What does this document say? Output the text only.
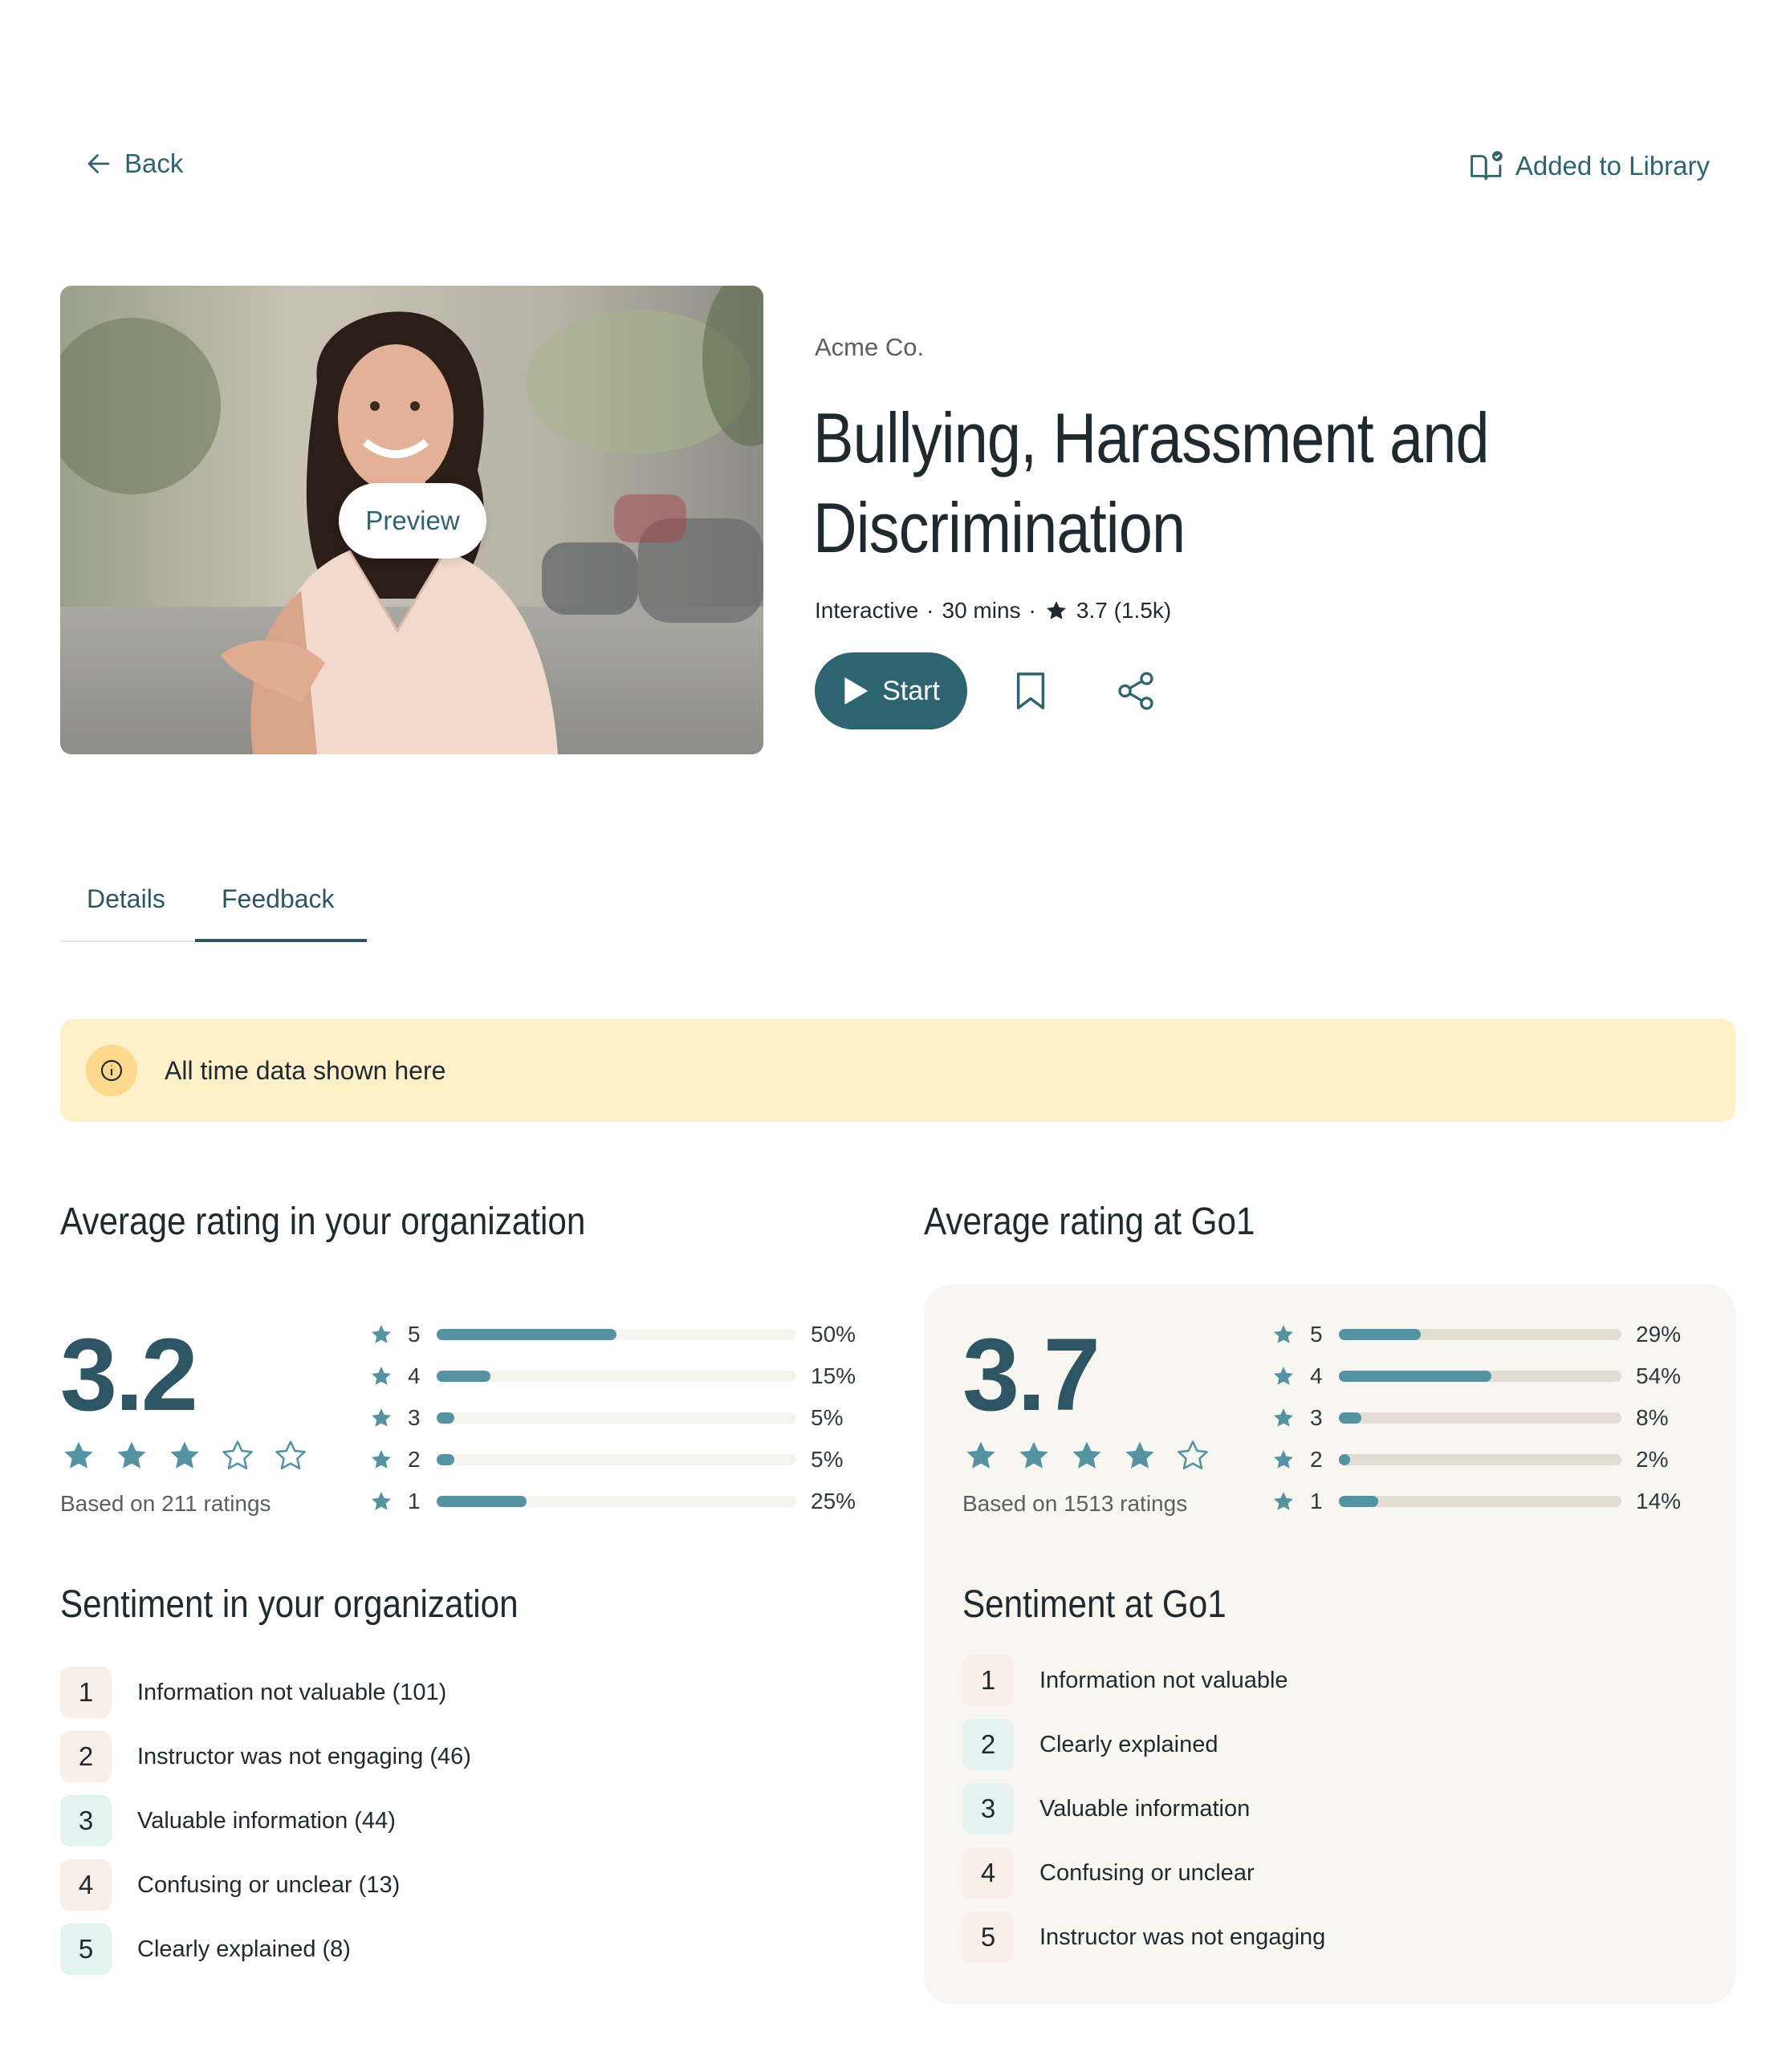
Back	Added to Library
Preview
Acme Co.
Bullying, Harassment and Discrimination
Interactive · 30 mins · 3.7 (1.5k)
Start
Details	Feedback
All time data shown here
Average rating in your organization	Average rating at Go1
3.2
Based on 211 ratings
5	50%
4	15%
3	5%
2	5%
1	25%
3.7
Based on 1513 ratings
5	29%
4	54%
3	8%
2	2%
1	14%
Sentiment in your organization	Sentiment at Go1
1	Information not valuable (101)
2	Instructor was not engaging (46)
3	Valuable information (44)
4	Confusing or unclear (13)
5	Clearly explained (8)
1	Information not valuable
2	Clearly explained
3	Valuable information
4	Confusing or unclear
5	Instructor was not engaging
